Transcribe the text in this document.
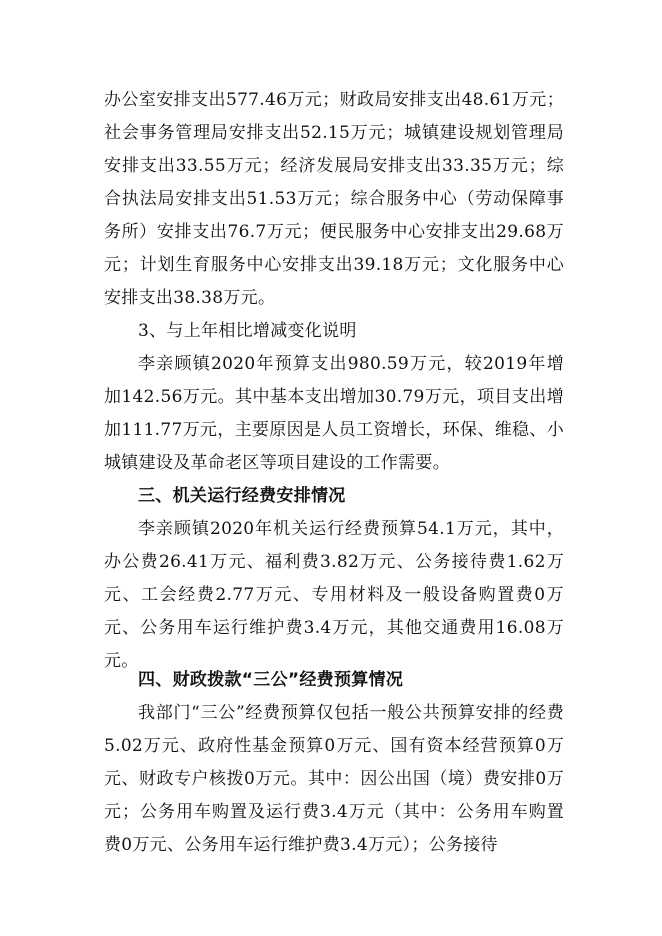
办公室安排支出577.46万元；财政局安排支出48.61万元；社会事务管理局安排支出52.15万元；城镇建设规划管理局安排支出33.55万元；经济发展局安排支出33.35万元；综合执法局安排支出51.53万元；综合服务中心（劳动保障事务所）安排支出76.7万元；便民服务中心安排支出29.68万元；计划生育服务中心安排支出39.18万元；文化服务中心安排支出38.38万元。

3、与上年相比增减变化说明

李亲顾镇2020年预算支出980.59万元，较2019年增加142.56万元。其中基本支出增加30.79万元，项目支出增加111.77万元，主要原因是人员工资增长，环保、维稳、小城镇建设及革命老区等项目建设的工作需要。

三、机关运行经费安排情况

李亲顾镇2020年机关运行经费预算54.1万元，其中，办公费26.41万元、福利费3.82万元、公务接待费1.62万元、工会经费2.77万元、专用材料及一般设备购置费0万元、公务用车运行维护费3.4万元，其他交通费用16.08万元。

四、财政拨款“三公”经费预算情况

我部门“三公”经费预算仅包括一般公共预算安排的经费5.02万元、政府性基金预算0万元、国有资本经营预算0万元、财政专户核拨0万元。其中：因公出国（境）费安排0万元；公务用车购置及运行费3.4万元（其中：公务用车购置费0万元、公务用车运行维护费3.4万元）；公务接待
